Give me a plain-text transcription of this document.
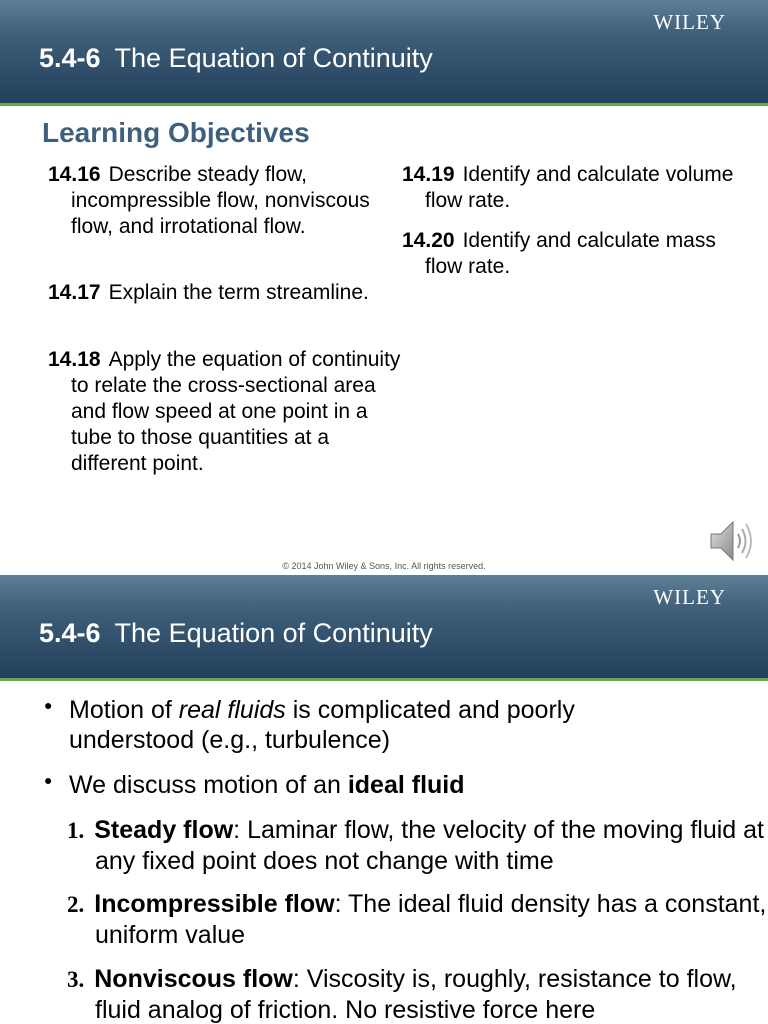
WILEY
5.4-6 The Equation of Continuity
Learning Objectives
14.16 Describe steady flow, incompressible flow, nonviscous flow, and irrotational flow.
14.17 Explain the term streamline.
14.18 Apply the equation of continuity to relate the cross-sectional area and flow speed at one point in a tube to those quantities at a different point.
14.19 Identify and calculate volume flow rate.
14.20 Identify and calculate mass flow rate.
© 2014 John Wiley & Sons, Inc. All rights reserved.
WILEY
5.4-6 The Equation of Continuity
● Motion of real fluids is complicated and poorly understood (e.g., turbulence)
● We discuss motion of an ideal fluid
1. Steady flow: Laminar flow, the velocity of the moving fluid at any fixed point does not change with time
2. Incompressible flow: The ideal fluid density has a constant, uniform value
3. Nonviscous flow: Viscosity is, roughly, resistance to flow, fluid analog of friction. No resistive force here
